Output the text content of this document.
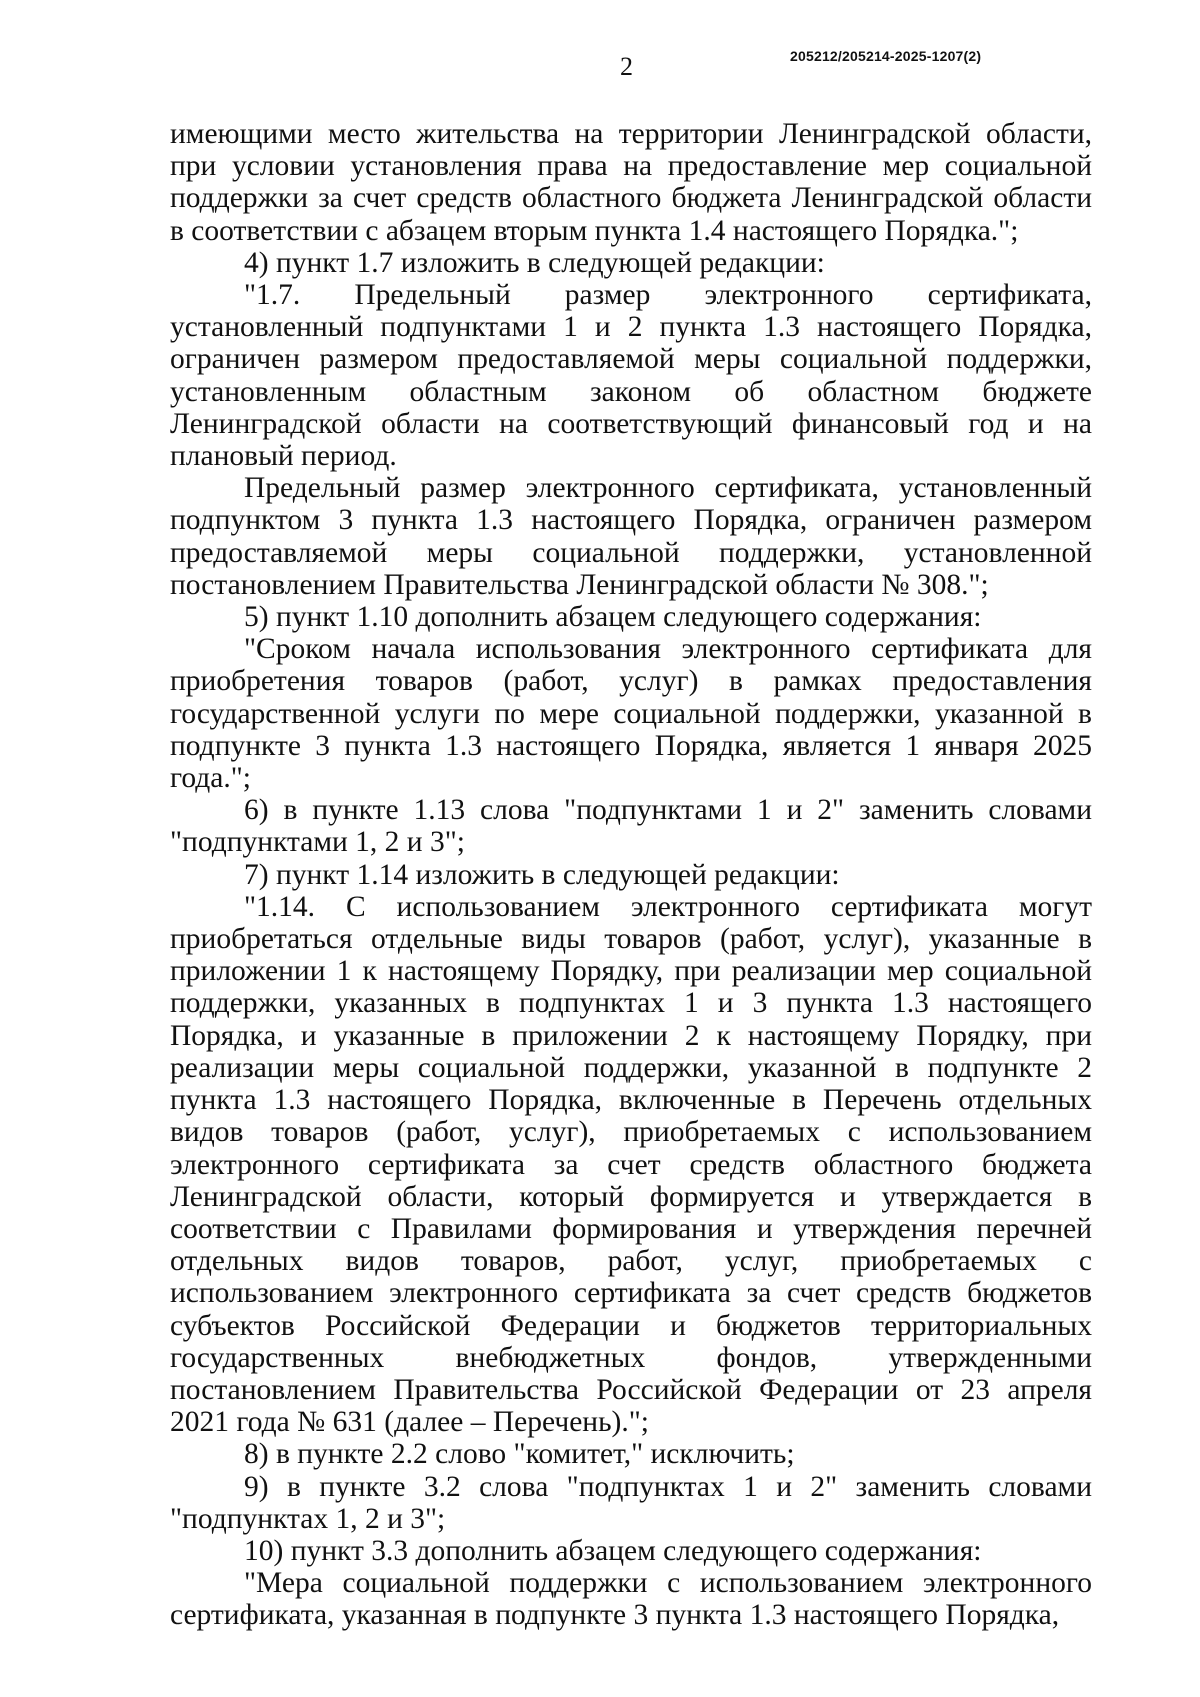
2	205212/205214-2025-1207(2)

имеющими место жительства на территории Ленинградской области, при условии установления права на предоставление мер социальной поддержки за счет средств областного бюджета Ленинградской области в соответствии с абзацем вторым пункта 1.4 настоящего Порядка.";

4) пункт 1.7 изложить в следующей редакции:

"1.7. Предельный размер электронного сертификата, установленный подпунктами 1 и 2 пункта 1.3 настоящего Порядка, ограничен размером предоставляемой меры социальной поддержки, установленным областным законом об областном бюджете Ленинградской области на соответствующий финансовый год и на плановый период.

Предельный размер электронного сертификата, установленный подпунктом 3 пункта 1.3 настоящего Порядка, ограничен размером предоставляемой меры социальной поддержки, установленной постановлением Правительства Ленинградской области № 308.";

5) пункт 1.10 дополнить абзацем следующего содержания:

"Сроком начала использования электронного сертификата для приобретения товаров (работ, услуг) в рамках предоставления государственной услуги по мере социальной поддержки, указанной в подпункте 3 пункта 1.3 настоящего Порядка, является 1 января 2025 года.";

6) в пункте 1.13 слова "подпунктами 1 и 2" заменить словами "подпунктами 1, 2 и 3";

7) пункт 1.14 изложить в следующей редакции:

"1.14. С использованием электронного сертификата могут приобретаться отдельные виды товаров (работ, услуг), указанные в приложении 1 к настоящему Порядку, при реализации мер социальной поддержки, указанных в подпунктах 1 и 3 пункта 1.3 настоящего Порядка, и указанные в приложении 2 к настоящему Порядку, при реализации меры социальной поддержки, указанной в подпункте 2 пункта 1.3 настоящего Порядка, включенные в Перечень отдельных видов товаров (работ, услуг), приобретаемых с использованием электронного сертификата за счет средств областного бюджета Ленинградской области, который формируется и утверждается в соответствии с Правилами формирования и утверждения перечней отдельных видов товаров, работ, услуг, приобретаемых с использованием электронного сертификата за счет средств бюджетов субъектов Российской Федерации и бюджетов территориальных государственных внебюджетных фондов, утвержденными постановлением Правительства Российской Федерации от 23 апреля 2021 года № 631 (далее – Перечень).";

8) в пункте 2.2 слово "комитет," исключить;

9) в пункте 3.2 слова "подпунктах 1 и 2" заменить словами "подпунктах 1, 2 и 3";

10) пункт 3.3 дополнить абзацем следующего содержания:

"Мера социальной поддержки с использованием электронного сертификата, указанная в подпункте 3 пункта 1.3 настоящего Порядка,
